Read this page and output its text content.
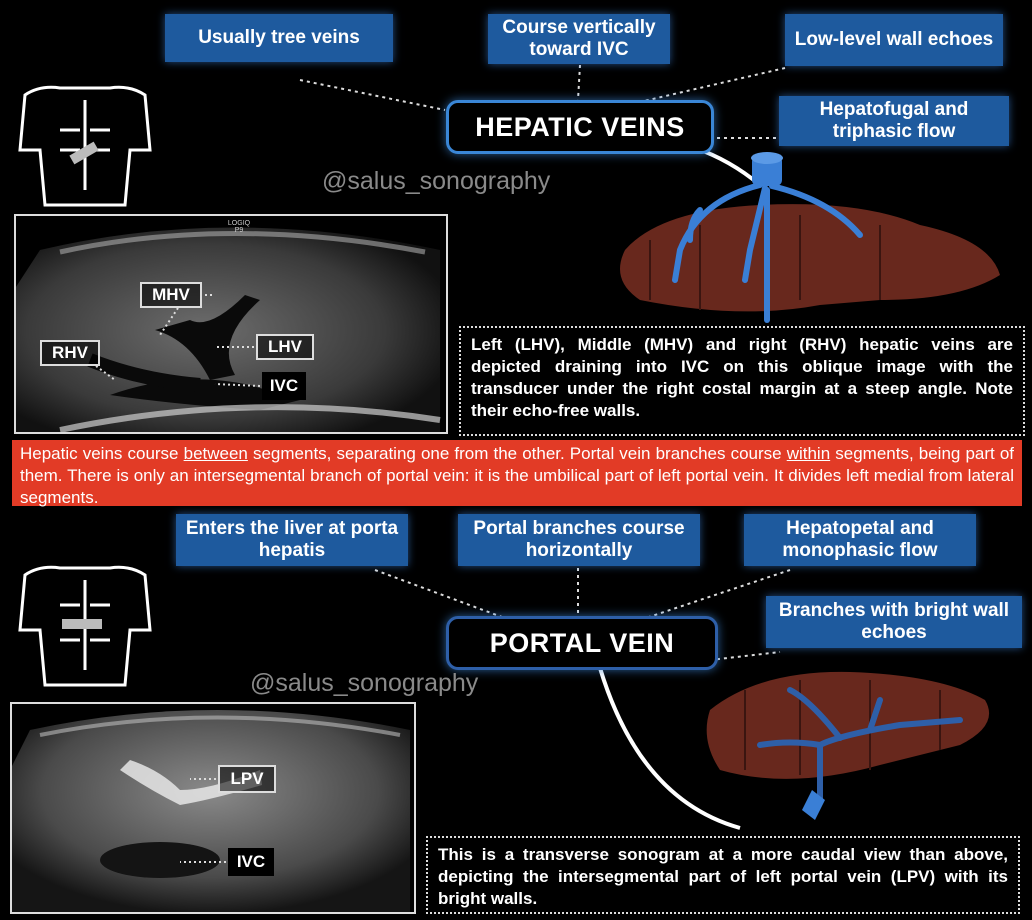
Usually tree veins	Course vertically toward IVC	Low-level wall echoes
Hepatofugal and triphasic flow
HEPATIC VEINS
@salus_sonography
LOGIQ P9
MHV
RHV	LHV
IVC
Left (LHV), Middle (MHV) and right (RHV) hepatic veins are depicted draining into IVC on this oblique image with the transducer under the right costal margin at a steep angle. Note their echo-free walls.
Hepatic veins course between segments, separating one from the other. Portal vein branches course within segments, being part of them. There is only an intersegmental branch of portal vein: it is the umbilical part of left portal vein. It divides left medial from lateral segments.
Enters the liver at porta hepatis
Portal branches course horizontally
Hepatopetal and monophasic flow
Branches with bright wall echoes
PORTAL VEIN
@salus_sonography
LPV
IVC	This is a transverse sonogram at a more caudal view than above, depicting the intersegmental part of left portal vein (LPV) with its bright walls.
